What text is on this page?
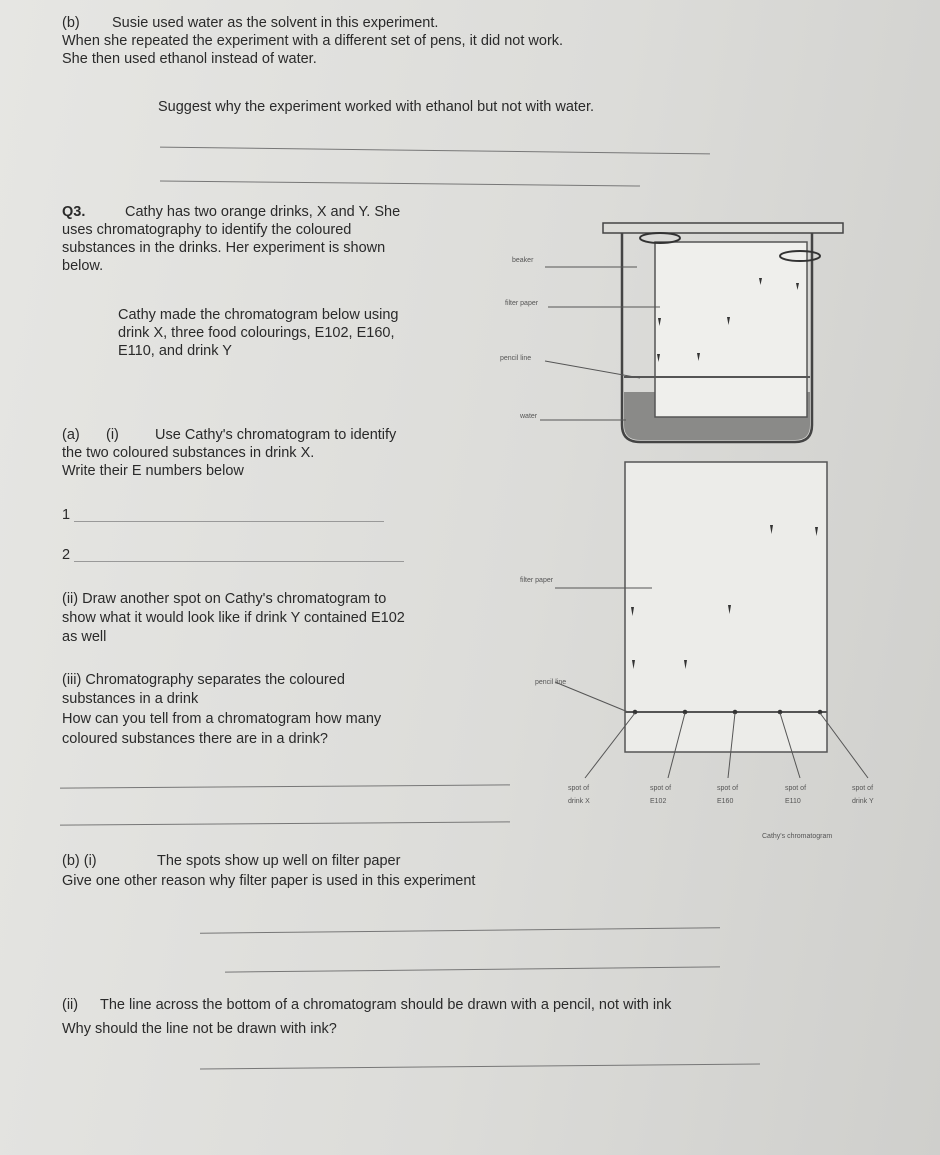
(b) Susie used water as the solvent in this experiment.
When she repeated the experiment with a different set of pens, it did not work.
She then used ethanol instead of water.
Suggest why the experiment worked with ethanol but not with water.
Q3.	Cathy has two orange drinks, X and Y. She
uses chromatography to identify the coloured
substances in the drinks. Her experiment is shown
below.
Cathy made the chromatogram below using
drink X, three food colourings, E102, E160,
E110, and drink Y
(a) (i) Use Cathy's chromatogram to identify
the two coloured substances in drink X.
Write their E numbers below
1
2
(ii) Draw another spot on Cathy's chromatogram to
show what it would look like if drink Y contained E102
as well
(iii) Chromatography separates the coloured
substances in a drink
How can you tell from a chromatogram how many
coloured substances there are in a drink?
(b) (i)	The spots show up well on filter paper
Give one other reason why filter paper is used in this experiment
(ii) The line across the bottom of a chromatogram should be drawn with a pencil, not with ink
Why should the line not be drawn with ink?
beaker
filter paper
pencil line
water
filter paper
pencil line
spot of
drink X
spot of
E102
spot of
E160
spot of
E110
spot of
drink Y
Cathy's chromatogram
